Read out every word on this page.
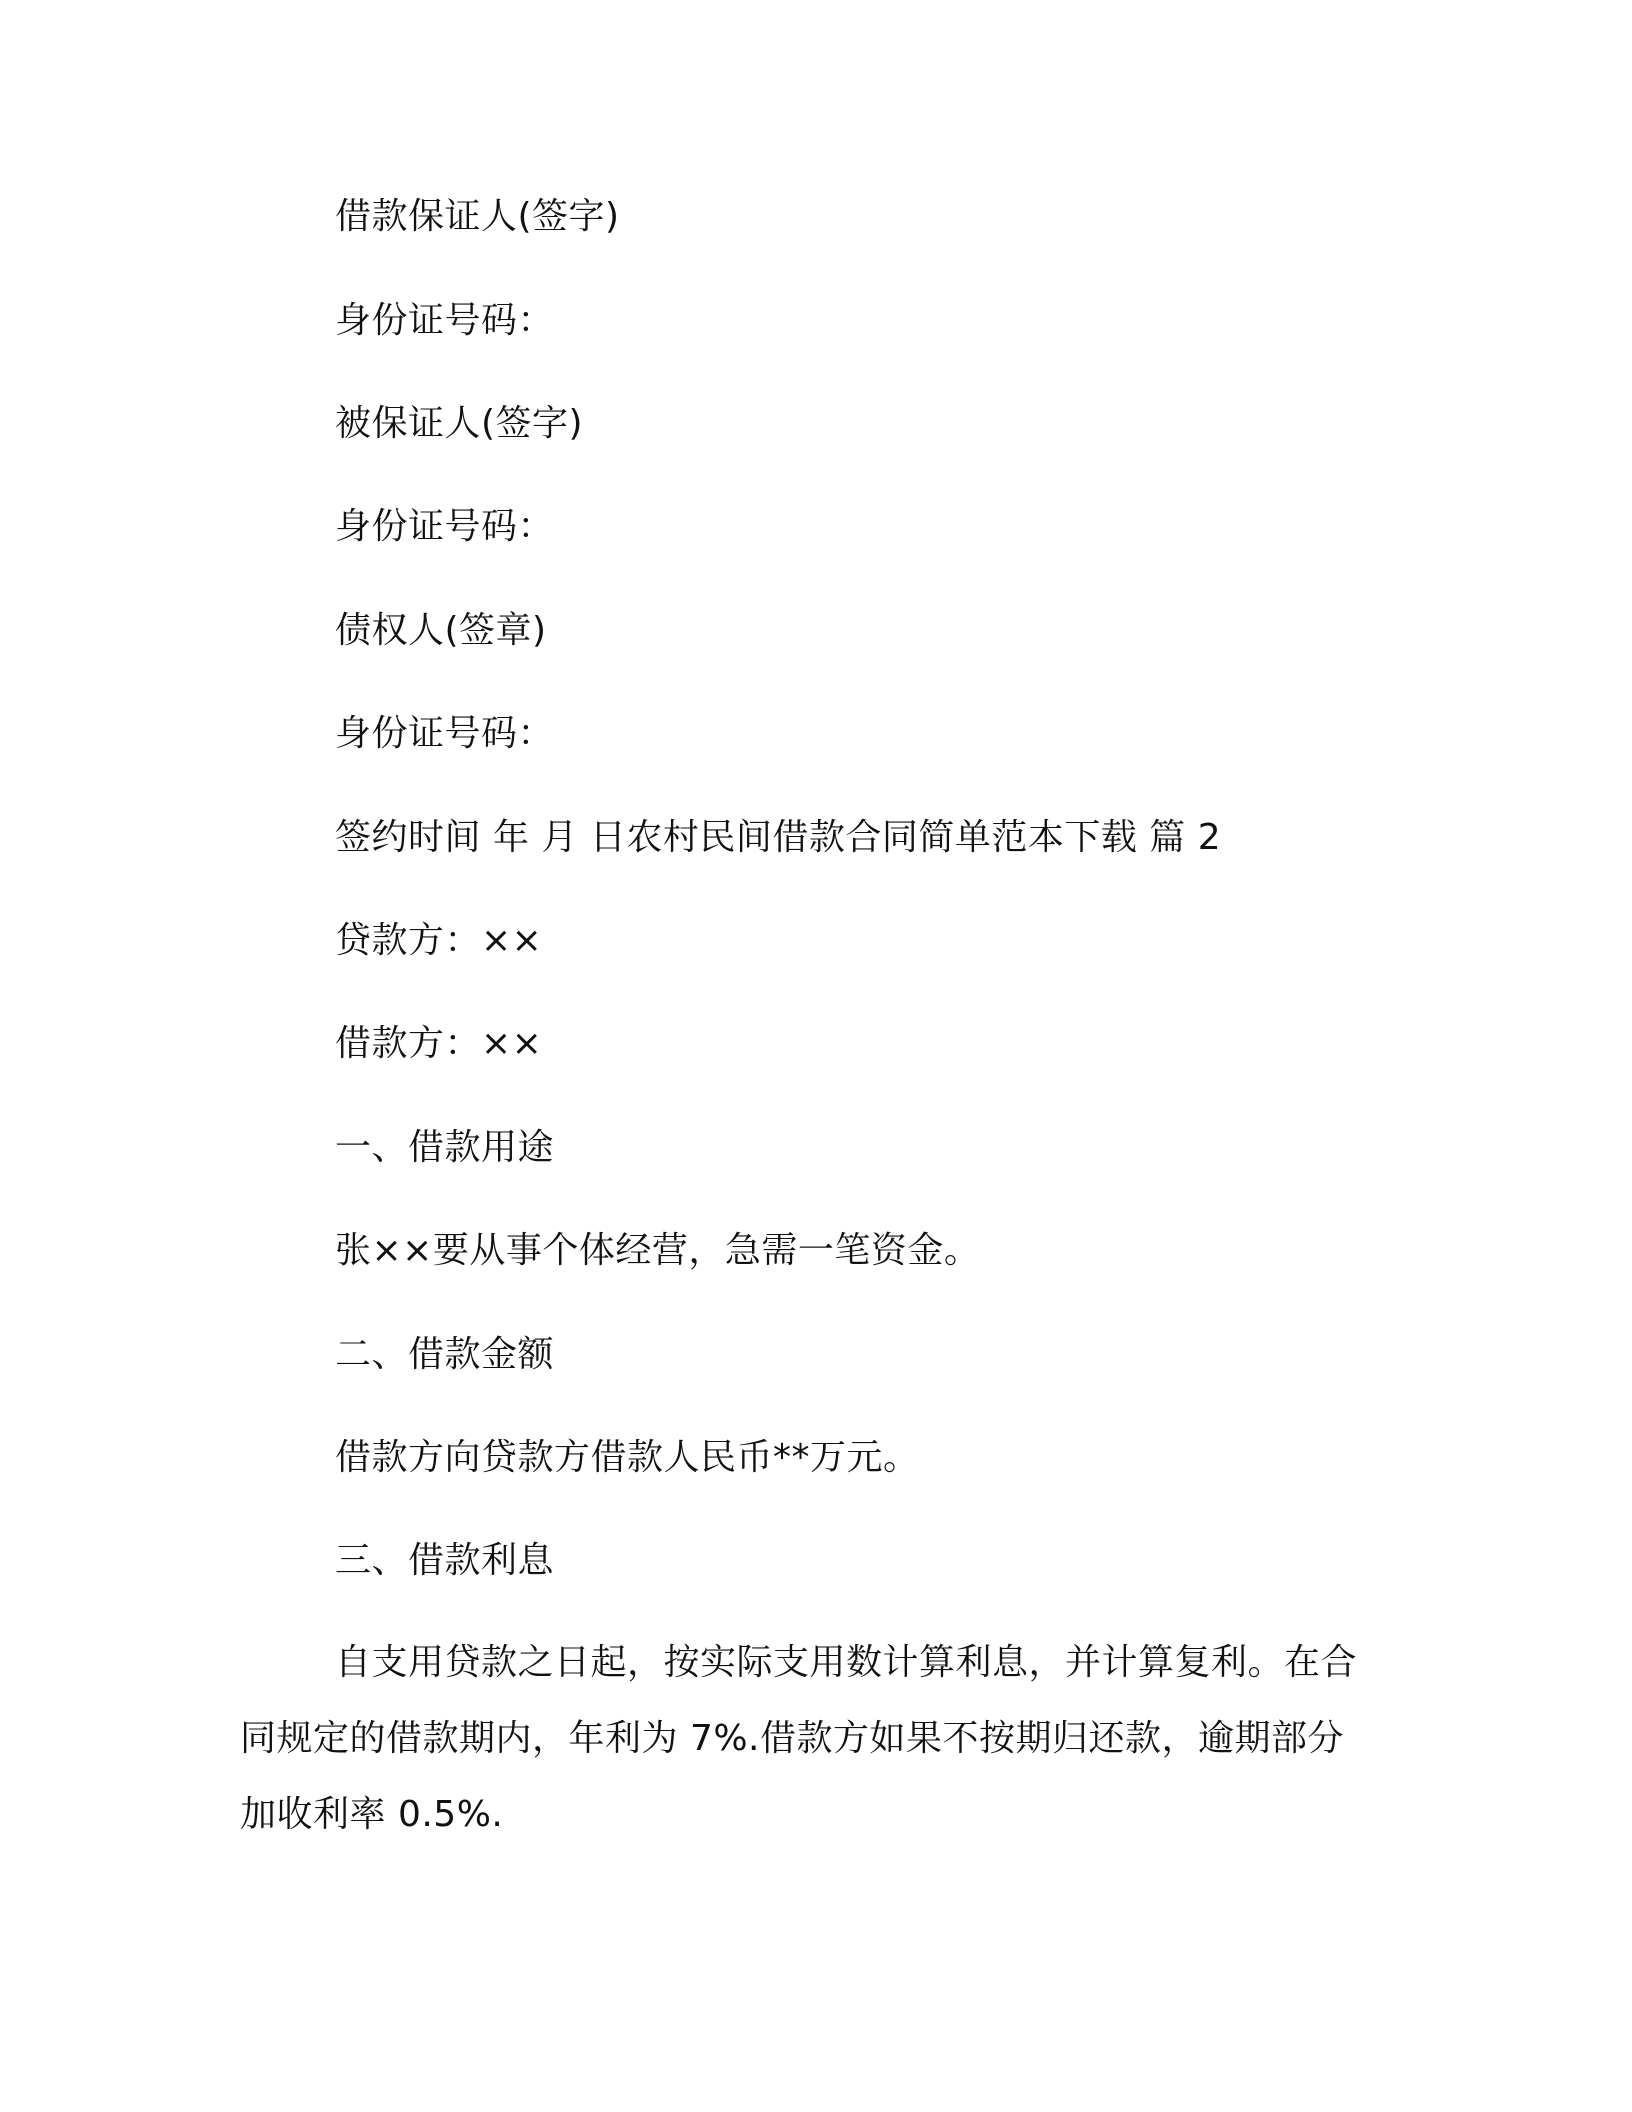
借款保证人(签字)
身份证号码：
被保证人(签字)
身份证号码：
债权人(签章)
身份证号码：
签约时间 年 月 日农村民间借款合同简单范本下载 篇 2
贷款方：××
借款方：××
一、借款用途
张××要从事个体经营，急需一笔资金。
二、借款金额
借款方向贷款方借款人民币**万元。
三、借款利息
自支用贷款之日起，按实际支用数计算利息，并计算复利。在合
同规定的借款期内，年利为 7%.借款方如果不按期归还款，逾期部分
加收利率 0.5%.
